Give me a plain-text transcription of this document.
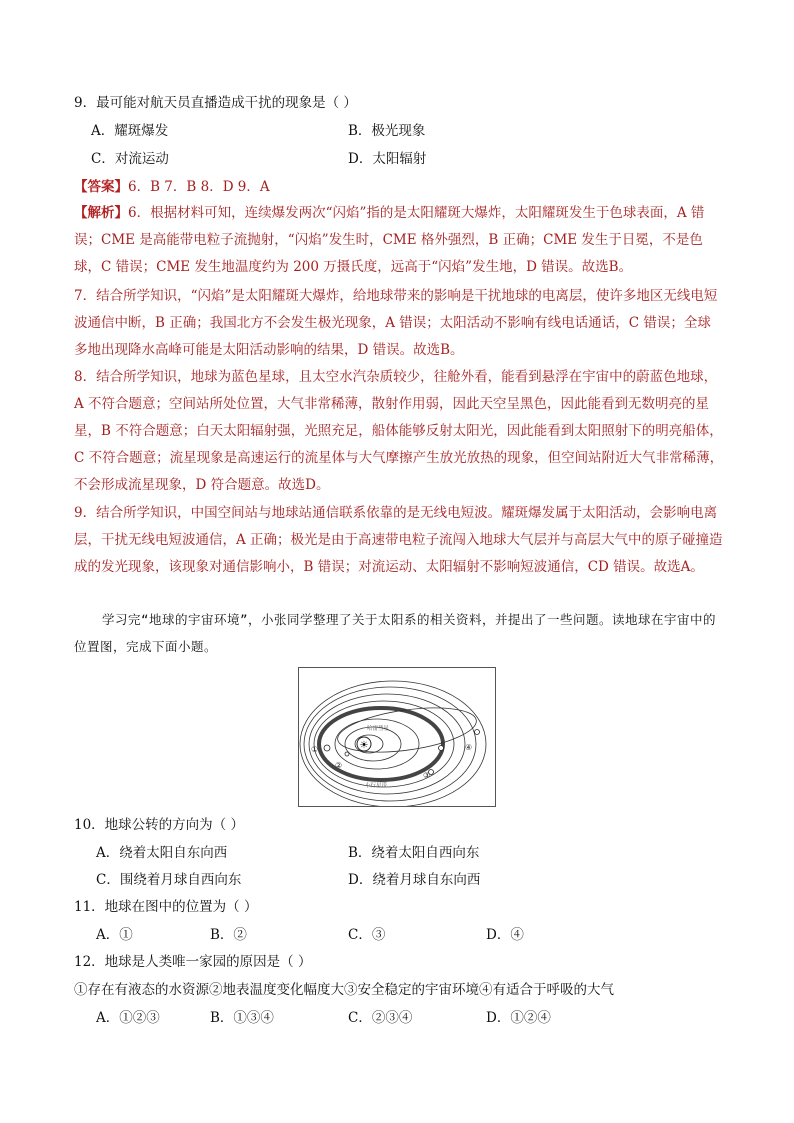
9．最可能对航天员直播造成干扰的现象是（ ）
A．耀斑爆发	B．极光现象
C．对流运动	D．太阳辐射
【答案】6．B 7．B 8．D 9．A
【解析】6．根据材料可知，连续爆发两次“闪焰”指的是太阳耀斑大爆炸，太阳耀斑发生于色球表面，A 错误；CME 是高能带电粒子流抛射，“闪焰”发生时，CME 格外强烈，B 正确；CME 发生于日冕，不是色球，C 错误；CME 发生地温度约为 200 万摄氏度，远高于“闪焰”发生地，D 错误。故选B。
7．结合所学知识，“闪焰”是太阳耀斑大爆炸，给地球带来的影响是干扰地球的电离层，使许多地区无线电短波通信中断，B 正确；我国北方不会发生极光现象，A 错误；太阳活动不影响有线电话通话，C 错误；全球多地出现降水高峰可能是太阳活动影响的结果，D 错误。故选B。
8．结合所学知识，地球为蓝色星球，且太空水汽杂质较少，往舱外看，能看到悬浮在宇宙中的蔚蓝色地球，A 不符合题意；空间站所处位置，大气非常稀薄，散射作用弱，因此天空呈黑色，因此能看到无数明亮的星星，B 不符合题意；白天太阳辐射强，光照充足，船体能够反射太阳光，因此能看到太阳照射下的明亮船体，C 不符合题意；流星现象是高速运行的流星体与大气摩擦产生放光放热的现象，但空间站附近大气非常稀薄，不会形成流星现象，D 符合题意。故选D。
9．结合所学知识，中国空间站与地球站通信联系依靠的是无线电短波。耀斑爆发属于太阳活动，会影响电离层，干扰无线电短波通信，A 正确；极光是由于高速带电粒子流闯入地球大气层并与高层大气中的原子碰撞造成的发光现象，该现象对通信影响小，B 错误；对流运动、太阳辐射不影响短波通信，CD 错误。故选A。
学习完“地球的宇宙环境”，小张同学整理了关于太阳系的相关资料，并提出了一些问题。读地球在宇宙中的位置图，完成下面小题。
☀
①
②
③
④
哈雷彗星
小行星带
10．地球公转的方向为（ ）
A．绕着太阳自东向西	B．绕着太阳自西向东
C．围绕着月球自西向东	D．绕着月球自东向西
11．地球在图中的位置为（ ）
A．①	B．②	C．③	D．④
12．地球是人类唯一家园的原因是（ ）
①存在有液态的水资源②地表温度变化幅度大③安全稳定的宇宙环境④有适合于呼吸的大气
A．①②③	B．①③④	C．②③④	D．①②④
